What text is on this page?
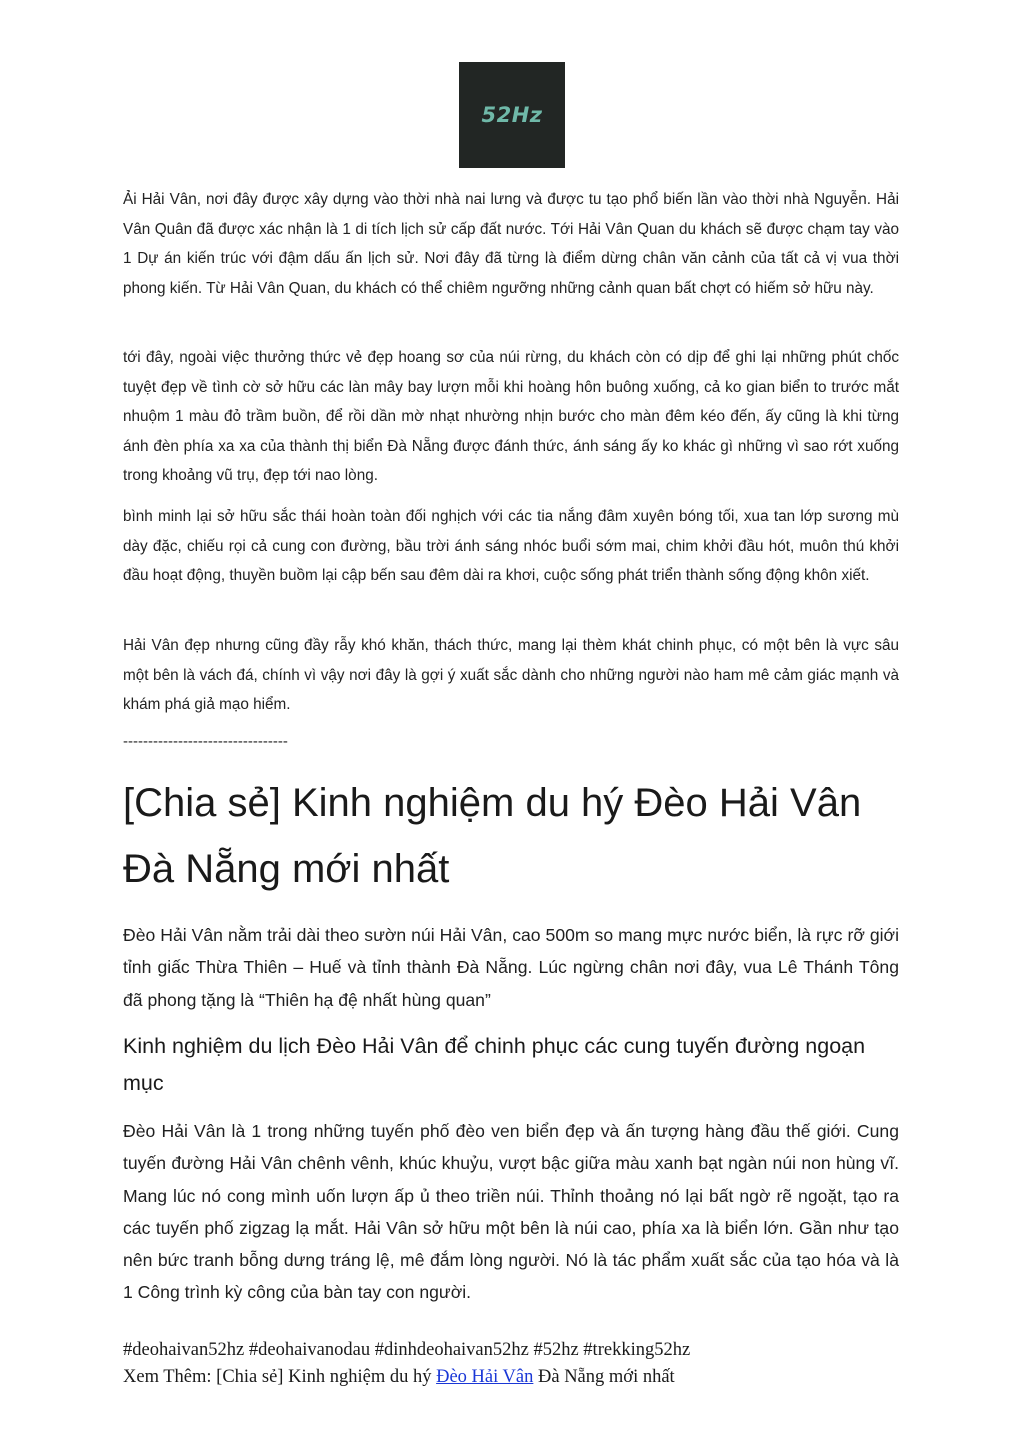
52Hz

Ải Hải Vân, nơi đây được xây dựng vào thời nhà nai lưng và được tu tạo phổ biến lần vào thời nhà Nguyễn. Hải Vân Quân đã được xác nhận là 1 di tích lịch sử cấp đất nước. Tới Hải Vân Quan du khách sẽ được chạm tay vào 1 Dự án kiến trúc với đậm dấu ấn lịch sử. Nơi đây đã từng là điểm dừng chân văn cảnh của tất cả vị vua thời phong kiến. Từ Hải Vân Quan, du khách có thể chiêm ngưỡng những cảnh quan bất chợt có hiếm sở hữu này.

tới đây, ngoài việc thưởng thức vẻ đẹp hoang sơ của núi rừng, du khách còn có dịp để ghi lại những phút chốc tuyệt đẹp về tình cờ sở hữu các làn mây bay lượn mỗi khi hoàng hôn buông xuống, cả ko gian biển to trước mắt nhuộm 1 màu đỏ trầm buồn, để rồi dần mờ nhạt nhường nhịn bước cho màn đêm kéo đến, ấy cũng là khi từng ánh đèn phía xa xa của thành thị biển Đà Nẵng được đánh thức, ánh sáng ấy ko khác gì những vì sao rớt xuống trong khoảng vũ trụ, đẹp tới nao lòng.

bình minh lại sở hữu sắc thái hoàn toàn đối nghịch với các tia nắng đâm xuyên bóng tối, xua tan lớp sương mù dày đặc, chiếu rọi cả cung con đường, bầu trời ánh sáng nhóc buổi sớm mai, chim khởi đầu hót, muôn thú khởi đầu hoạt động, thuyền buồm lại cập bến sau đêm dài ra khơi, cuộc sống phát triển thành sống động khôn xiết.

Hải Vân đẹp nhưng cũng đầy rẫy khó khăn, thách thức, mang lại thèm khát chinh phục, có một bên là vực sâu một bên là vách đá, chính vì vậy nơi đây là gợi ý xuất sắc dành cho những người nào ham mê cảm giác mạnh và khám phá giả mạo hiểm.

---------------------------------

[Chia sẻ] Kinh nghiệm du hý Đèo Hải Vân Đà Nẵng mới nhất

Đèo Hải Vân nằm trải dài theo sườn núi Hải Vân, cao 500m so mang mực nước biển, là rực rỡ giới tỉnh giấc Thừa Thiên – Huế và tỉnh thành Đà Nẵng. Lúc ngừng chân nơi đây, vua Lê Thánh Tông đã phong tặng là “Thiên hạ đệ nhất hùng quan”

Kinh nghiệm du lịch Đèo Hải Vân để chinh phục các cung tuyến đường ngoạn mục

Đèo Hải Vân là 1 trong những tuyến phố đèo ven biển đẹp và ấn tượng hàng đầu thế giới. Cung tuyến đường Hải Vân chênh vênh, khúc khuỷu, vượt bậc giữa màu xanh bạt ngàn núi non hùng vĩ. Mang lúc nó cong mình uốn lượn ấp ủ theo triền núi. Thỉnh thoảng nó lại bất ngờ rẽ ngoặt, tạo ra các tuyến phố zigzag lạ mắt. Hải Vân sở hữu một bên là núi cao, phía xa là biển lớn. Gần như tạo nên bức tranh bỗng dưng tráng lệ, mê đắm lòng người. Nó là tác phẩm xuất sắc của tạo hóa và là 1 Công trình kỳ công của bàn tay con người.

#deohaivan52hz #deohaivanodau #dinhdeohaivan52hz #52hz #trekking52hz
Xem Thêm: [Chia sẻ] Kinh nghiệm du hý Đèo Hải Vân Đà Nẵng mới nhất
